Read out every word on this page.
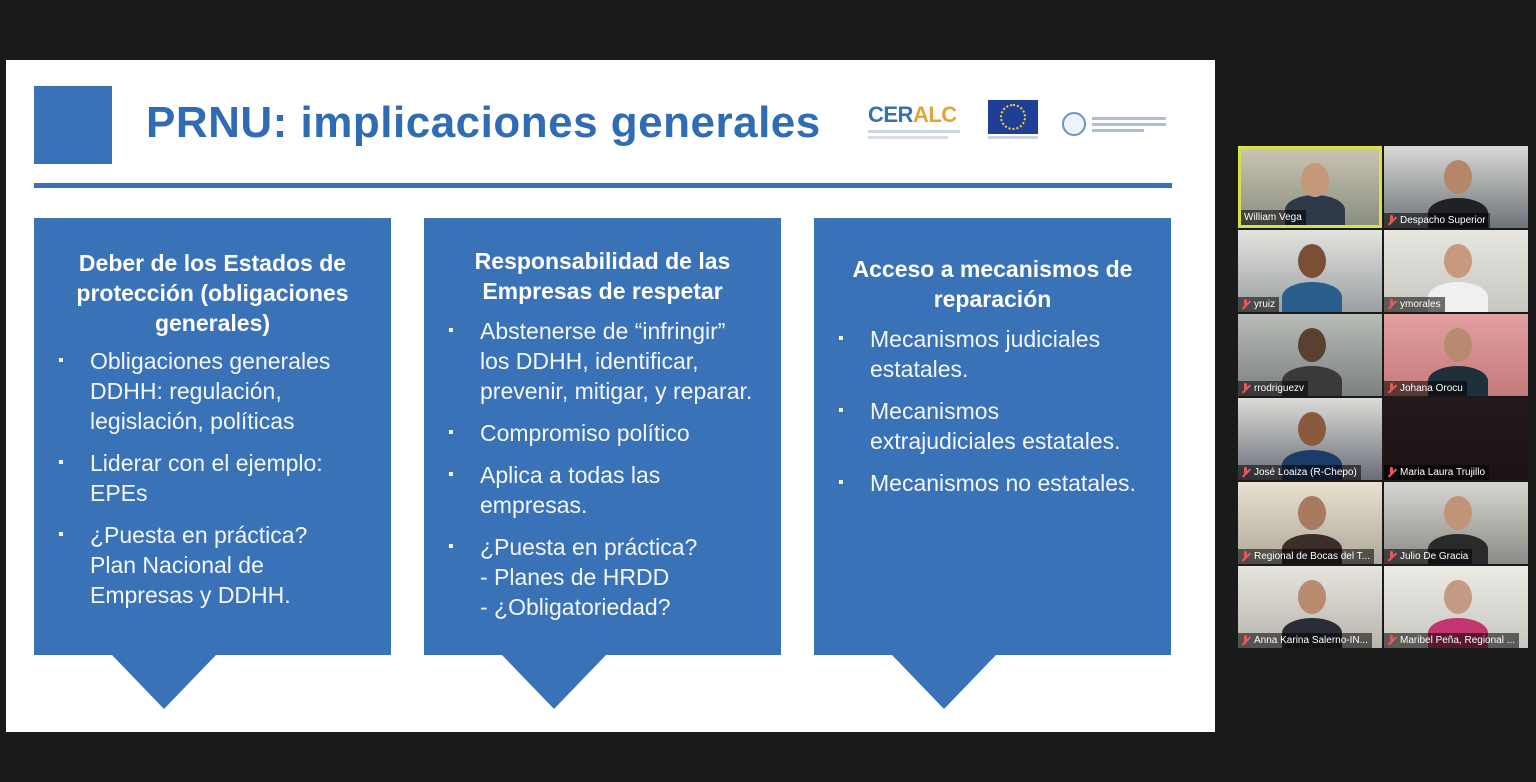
PRNU: implicaciones generales CERALC
Deber de los Estados de
protección (obligaciones
generales)
▪ Obligaciones generales
DDHH: regulación,
legislación, políticas
▪ Liderar con el ejemplo:
EPEs
▪ ¿Puesta en práctica?
Plan Nacional de
Empresas y DDHH.
Responsabilidad de las
Empresas de respetar
▪ Abstenerse de “infringir”
los DDHH, identificar,
prevenir, mitigar, y reparar.
▪ Compromiso político
▪ Aplica a todas las
empresas.
▪ ¿Puesta en práctica?
- Planes de HRDD
- ¿Obligatoriedad?
Acceso a mecanismos de
reparación
▪ Mecanismos judiciales
estatales.
▪ Mecanismos
extrajudiciales estatales.
▪ Mecanismos no estatales.
William Vega	Despacho Superior
yruiz	ymorales
rrodriguezv	Johana Orocu
José Loaiza (R-Chepo)	Maria Laura Trujillo
Regional de Bocas del T...	Julio De Gracia
Anna Karina Salerno-IN...	Maribel Peña, Regional ...
